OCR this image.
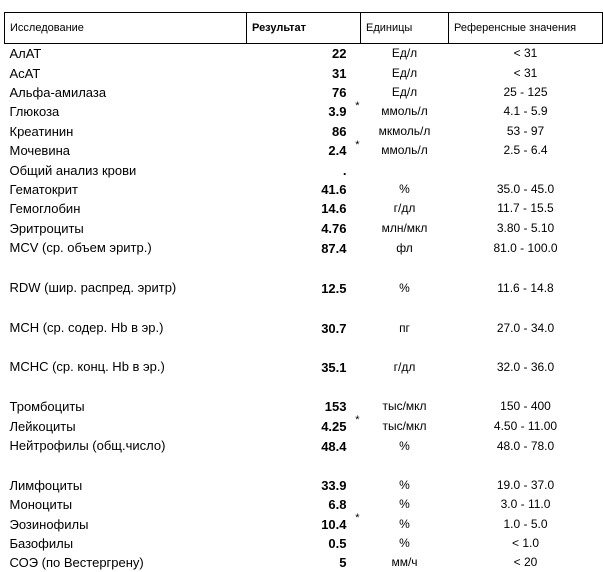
Исследование	Результат	Единицы	Референсные значения
АлАТ	22	Ед/л	< 31
АсАТ	31	Ед/л	< 31
Альфа-амилаза	76	Ед/л	25 - 125
Глюкоза	3.9 *	ммоль/л	4.1 - 5.9
Креатинин	86	мкмоль/л	53 - 97
Мочевина	2.4 *	ммоль/л	2.5 - 6.4
Общий анализ крови	.		
Гематокрит	41.6	%	35.0 - 45.0
Гемоглобин	14.6	г/дл	11.7 - 15.5
Эритроциты	4.76	млн/мкл	3.80 - 5.10
MCV (ср. объем эритр.)	87.4	фл	81.0 - 100.0
RDW (шир. распред. эритр)	12.5	%	11.6 - 14.8
MCH (ср. содер. Hb в эр.)	30.7	пг	27.0 - 34.0
MCHC (ср. конц. Hb в эр.)	35.1	г/дл	32.0 - 36.0
Тромбоциты	153	тыс/мкл	150 - 400
Лейкоциты	4.25 *	тыс/мкл	4.50 - 11.00
Нейтрофилы (общ.число)	48.4	%	48.0 - 78.0
Лимфоциты	33.9	%	19.0 - 37.0
Моноциты	6.8	%	3.0 - 11.0
Эозинофилы	10.4 *	%	1.0 - 5.0
Базофилы	0.5	%	< 1.0
СОЭ (по Вестергрену)	5	мм/ч	< 20
